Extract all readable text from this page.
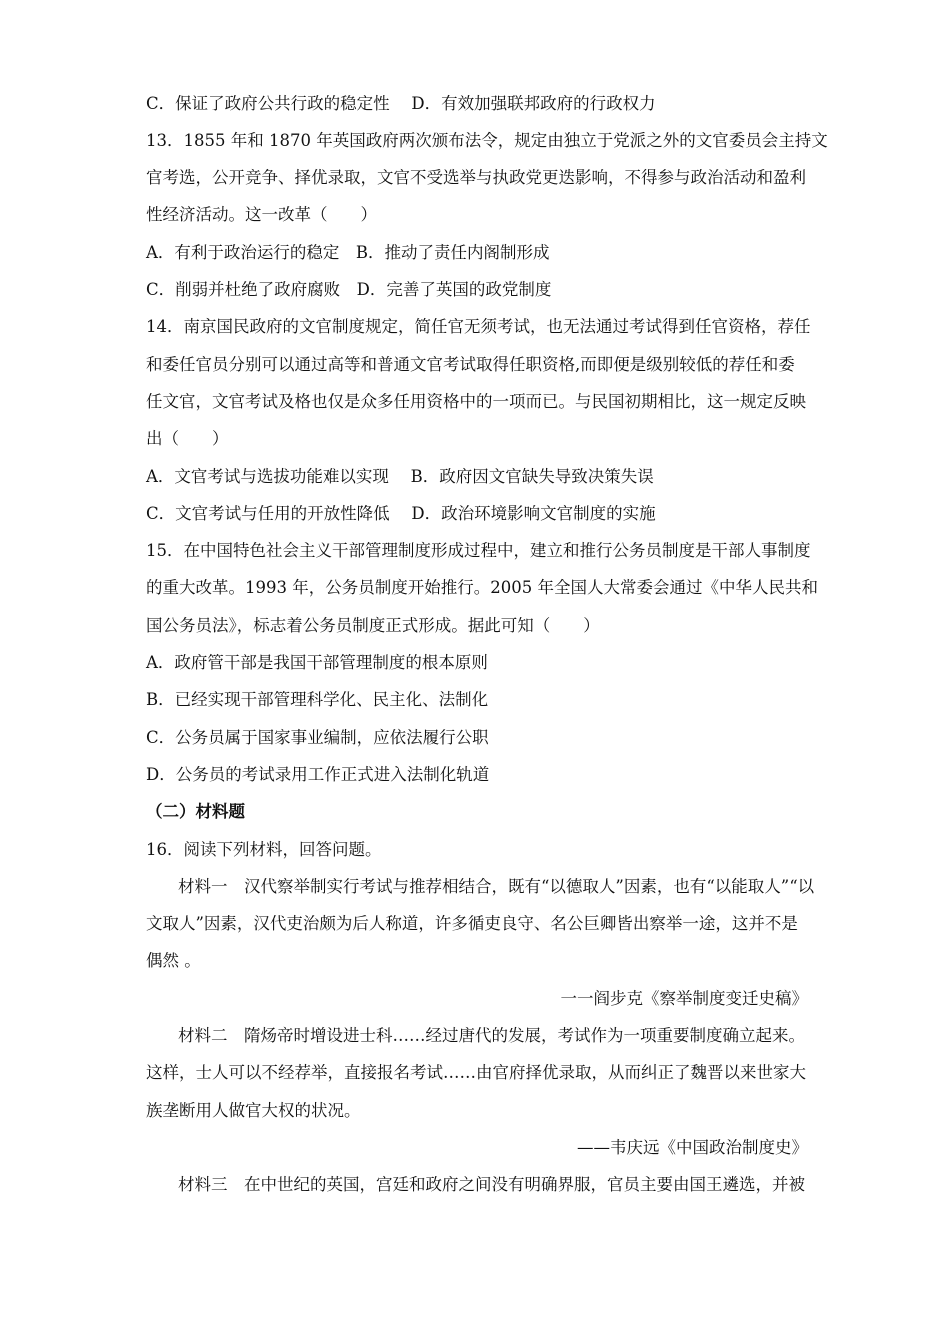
C．保证了政府公共行政的稳定性　 D．有效加强联邦政府的行政权力
13．1855 年和 1870 年英国政府两次颁布法令，规定由独立于党派之外的文官委员会主持文
官考选，公开竞争、择优录取，文官不受选举与执政党更迭影响，不得参与政治活动和盈利
性经济活动。这一改革（　　）
A．有利于政治运行的稳定　B．推动了责任内阁制形成
C．削弱并杜绝了政府腐败　D．完善了英国的政党制度
14．南京国民政府的文官制度规定，简任官无须考试，也无法通过考试得到任官资格，荐任
和委任官员分别可以通过高等和普通文官考试取得任职资格,而即便是级别较低的荐任和委
任文官，文官考试及格也仅是众多任用资格中的一项而已。与民国初期相比，这一规定反映
出（　　）
A．文官考试与选拔功能难以实现　 B．政府因文官缺失导致决策失误
C．文官考试与任用的开放性降低　 D．政治环境影响文官制度的实施
15．在中国特色社会主义干部管理制度形成过程中，建立和推行公务员制度是干部人事制度
的重大改革。1993 年，公务员制度开始推行。2005 年全国人大常委会通过《中华人民共和
国公务员法》，标志着公务员制度正式形成。据此可知（　　）
A．政府管干部是我国干部管理制度的根本原则
B．已经实现干部管理科学化、民主化、法制化
C．公务员属于国家事业编制，应依法履行公职
D．公务员的考试录用工作正式进入法制化轨道
（二）材料题
16．阅读下列材料，回答问题。
材料一　汉代察举制实行考试与推荐相结合，既有“以德取人”因素，也有“以能取人”“以
文取人”因素，汉代吏治颇为后人称道，许多循吏良守、名公巨卿皆出察举一途，这并不是
偶然 。
一一阎步克《察举制度变迁史稿》
材料二　隋炀帝时增设进士科……经过唐代的发展，考试作为一项重要制度确立起来。
这样，士人可以不经荐举，直接报名考试……由官府择优录取，从而纠正了魏晋以来世家大
族垄断用人做官大权的状况。
——韦庆远《中国政治制度史》
材料三　在中世纪的英国，宫廷和政府之间没有明确界服，官员主要由国王遴选，并被
